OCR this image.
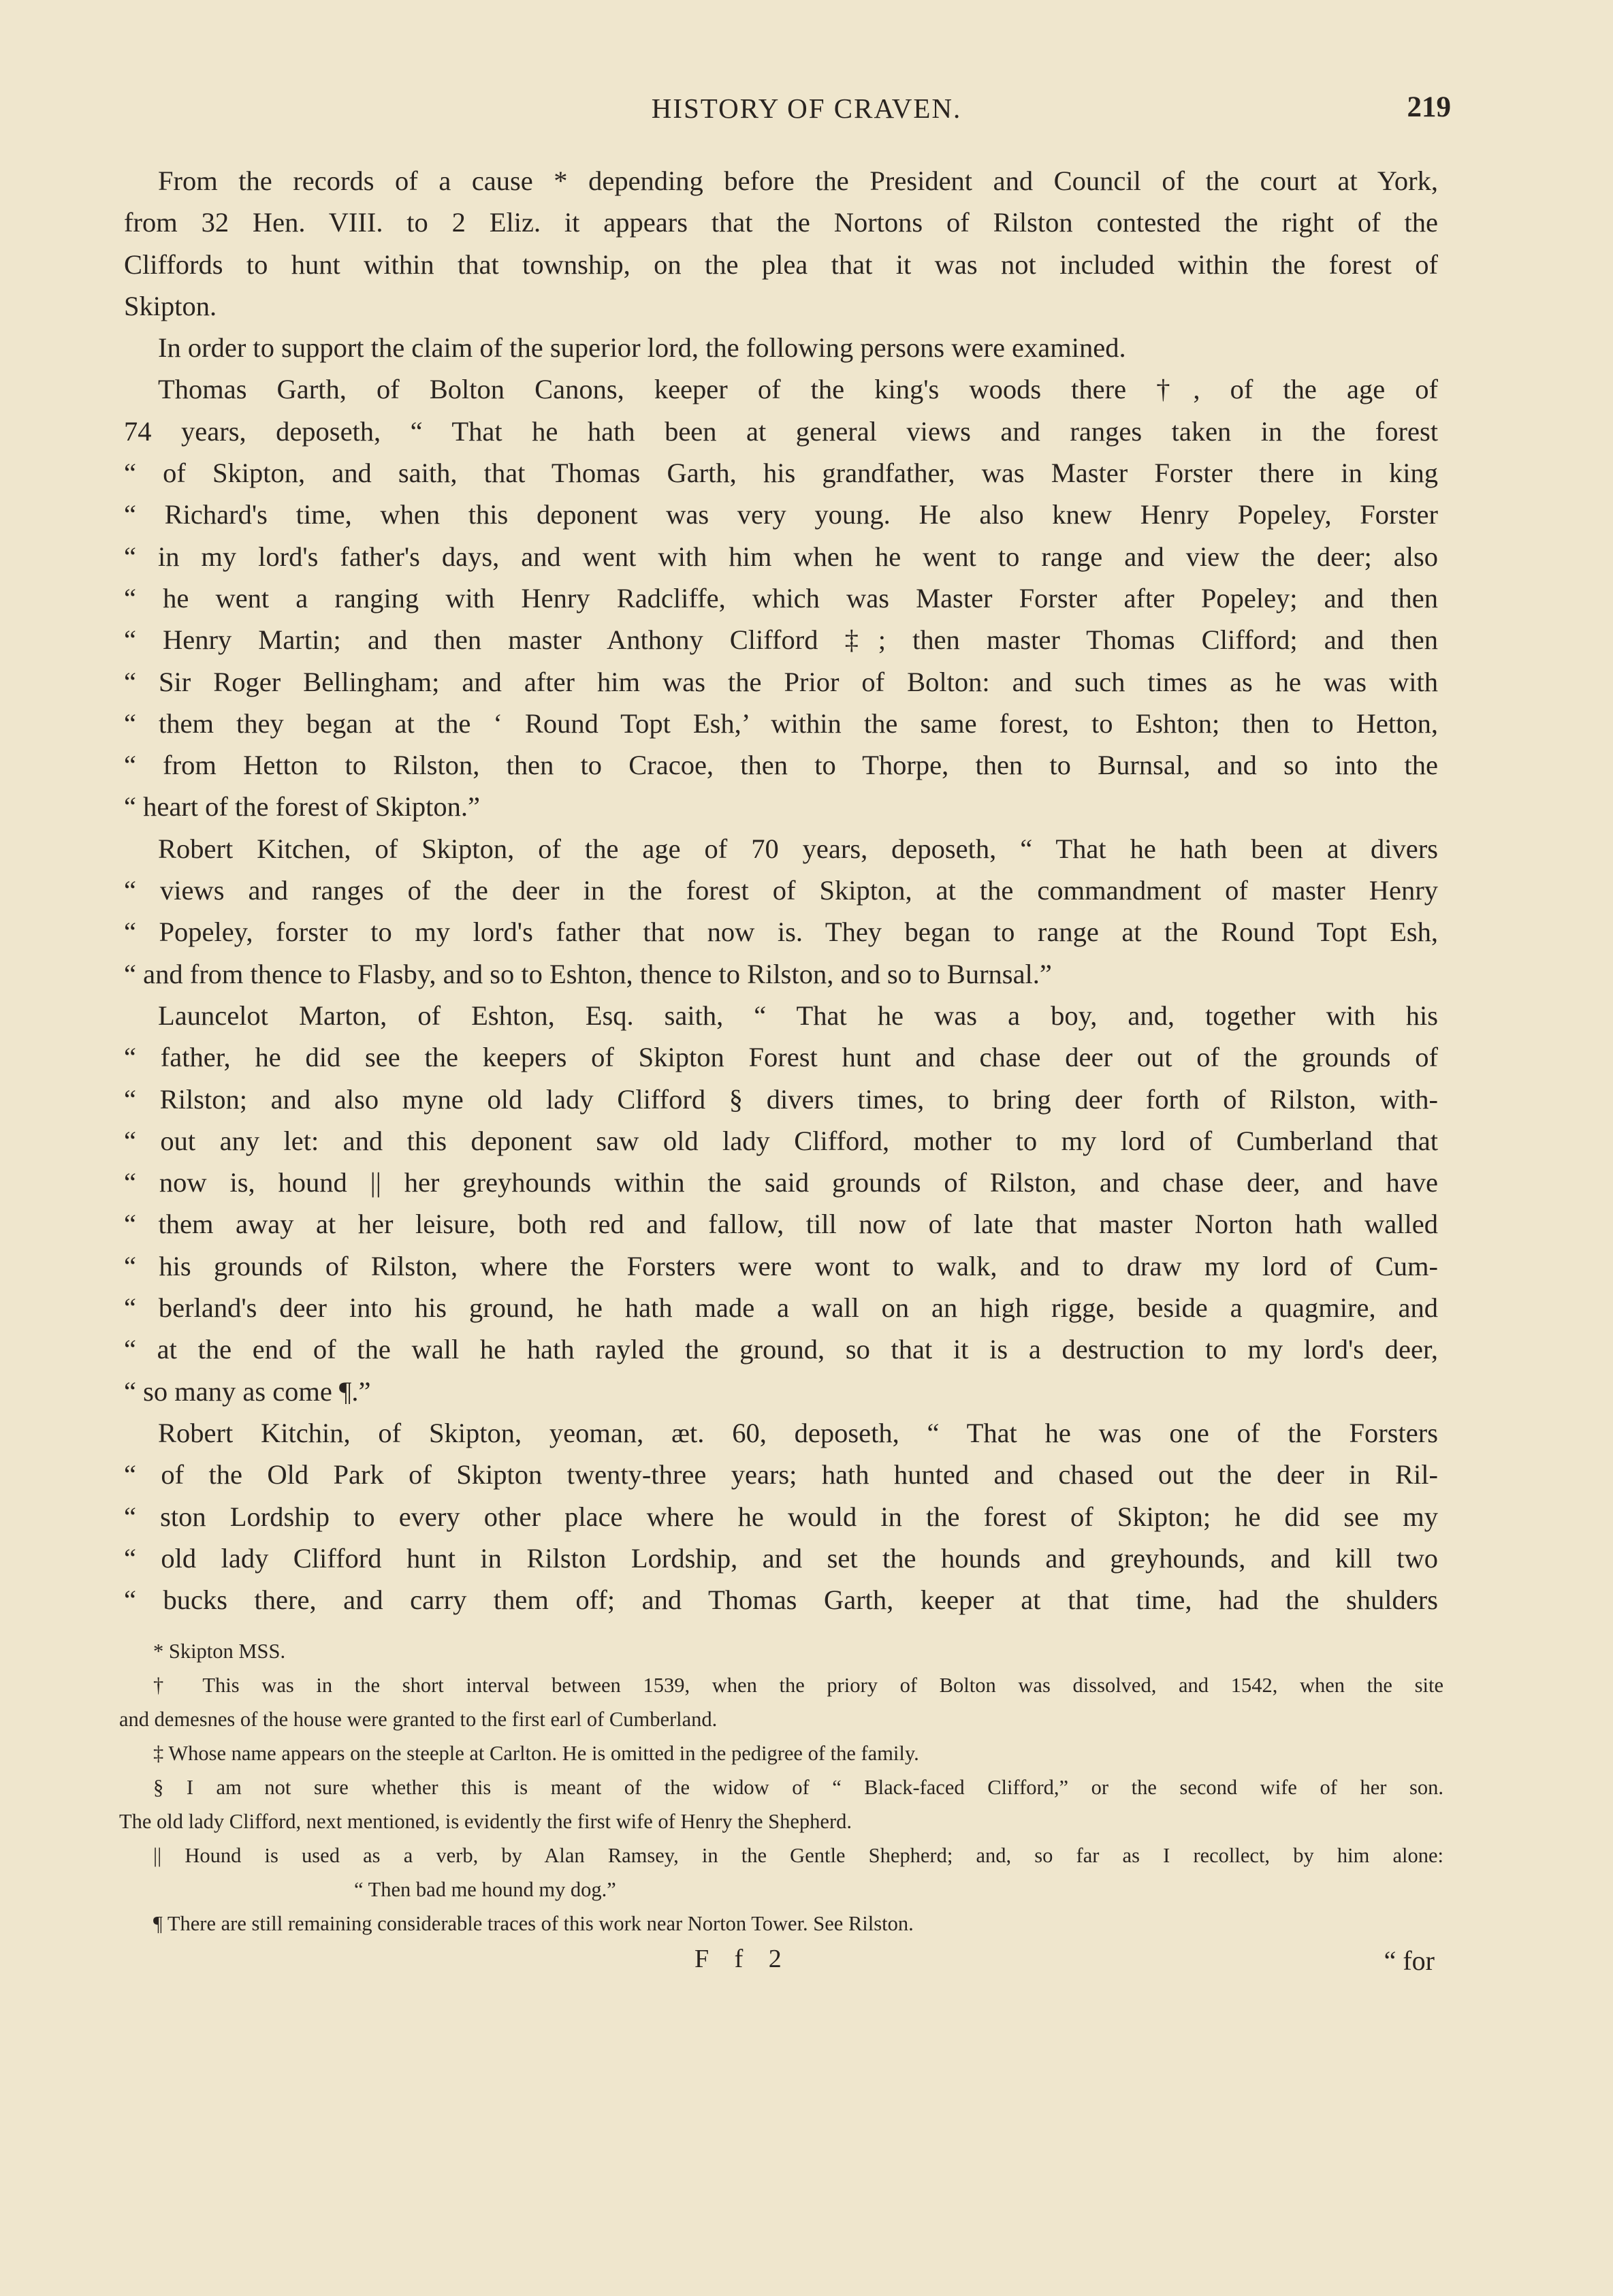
HISTORY OF CRAVEN.	219
From the records of a cause * depending before the President and Council of the court at York,
from 32 Hen. VIII. to 2 Eliz. it appears that the Nortons of Rilston contested the right of the
Cliffords to hunt within that township, on the plea that it was not included within the forest of
Skipton.
In order to support the claim of the superior lord, the following persons were examined.
Thomas Garth, of Bolton Canons, keeper of the king's woods there †, of the age of
74 years, deposeth, “ That he hath been at general views and ranges taken in the forest
“ of Skipton, and saith, that Thomas Garth, his grandfather, was Master Forster there in king
“ Richard's time, when this deponent was very young. He also knew Henry Popeley, Forster
“ in my lord's father's days, and went with him when he went to range and view the deer; also
“ he went a ranging with Henry Radcliffe, which was Master Forster after Popeley; and then
“ Henry Martin; and then master Anthony Clifford ‡; then master Thomas Clifford; and then
“ Sir Roger Bellingham; and after him was the Prior of Bolton: and such times as he was with
“ them they began at the ‘ Round Topt Esh,’ within the same forest, to Eshton; then to Hetton,
“ from Hetton to Rilston, then to Cracoe, then to Thorpe, then to Burnsal, and so into the
“ heart of the forest of Skipton.”
Robert Kitchen, of Skipton, of the age of 70 years, deposeth, “ That he hath been at divers
“ views and ranges of the deer in the forest of Skipton, at the commandment of master Henry
“ Popeley, forster to my lord's father that now is. They began to range at the Round Topt Esh,
“ and from thence to Flasby, and so to Eshton, thence to Rilston, and so to Burnsal.”
Launcelot Marton, of Eshton, Esq. saith, “ That he was a boy, and, together with his
“ father, he did see the keepers of Skipton Forest hunt and chase deer out of the grounds of
“ Rilston; and also myne old lady Clifford § divers times, to bring deer forth of Rilston, with-
“ out any let: and this deponent saw old lady Clifford, mother to my lord of Cumberland that
“ now is, hound || her greyhounds within the said grounds of Rilston, and chase deer, and have
“ them away at her leisure, both red and fallow, till now of late that master Norton hath walled
“ his grounds of Rilston, where the Forsters were wont to walk, and to draw my lord of Cum-
“ berland's deer into his ground, he hath made a wall on an high rigge, beside a quagmire, and
“ at the end of the wall he hath rayled the ground, so that it is a destruction to my lord's deer,
“ so many as come ¶.”
Robert Kitchin, of Skipton, yeoman, æt. 60, deposeth, “ That he was one of the Forsters
“ of the Old Park of Skipton twenty-three years; hath hunted and chased out the deer in Ril-
“ ston Lordship to every other place where he would in the forest of Skipton; he did see my
“ old lady Clifford hunt in Rilston Lordship, and set the hounds and greyhounds, and kill two
“ bucks there, and carry them off; and Thomas Garth, keeper at that time, had the shulders
* Skipton MSS.
† This was in the short interval between 1539, when the priory of Bolton was dissolved, and 1542, when the site
and demesnes of the house were granted to the first earl of Cumberland.
‡ Whose name appears on the steeple at Carlton. He is omitted in the pedigree of the family.
§ I am not sure whether this is meant of the widow of “ Black-faced Clifford,” or the second wife of her son.
The old lady Clifford, next mentioned, is evidently the first wife of Henry the Shepherd.
|| Hound is used as a verb, by Alan Ramsey, in the Gentle Shepherd; and, so far as I recollect, by him alone:
“ Then bad me hound my dog.”
¶ There are still remaining considerable traces of this work near Norton Tower. See Rilston.
F f 2	“ for
